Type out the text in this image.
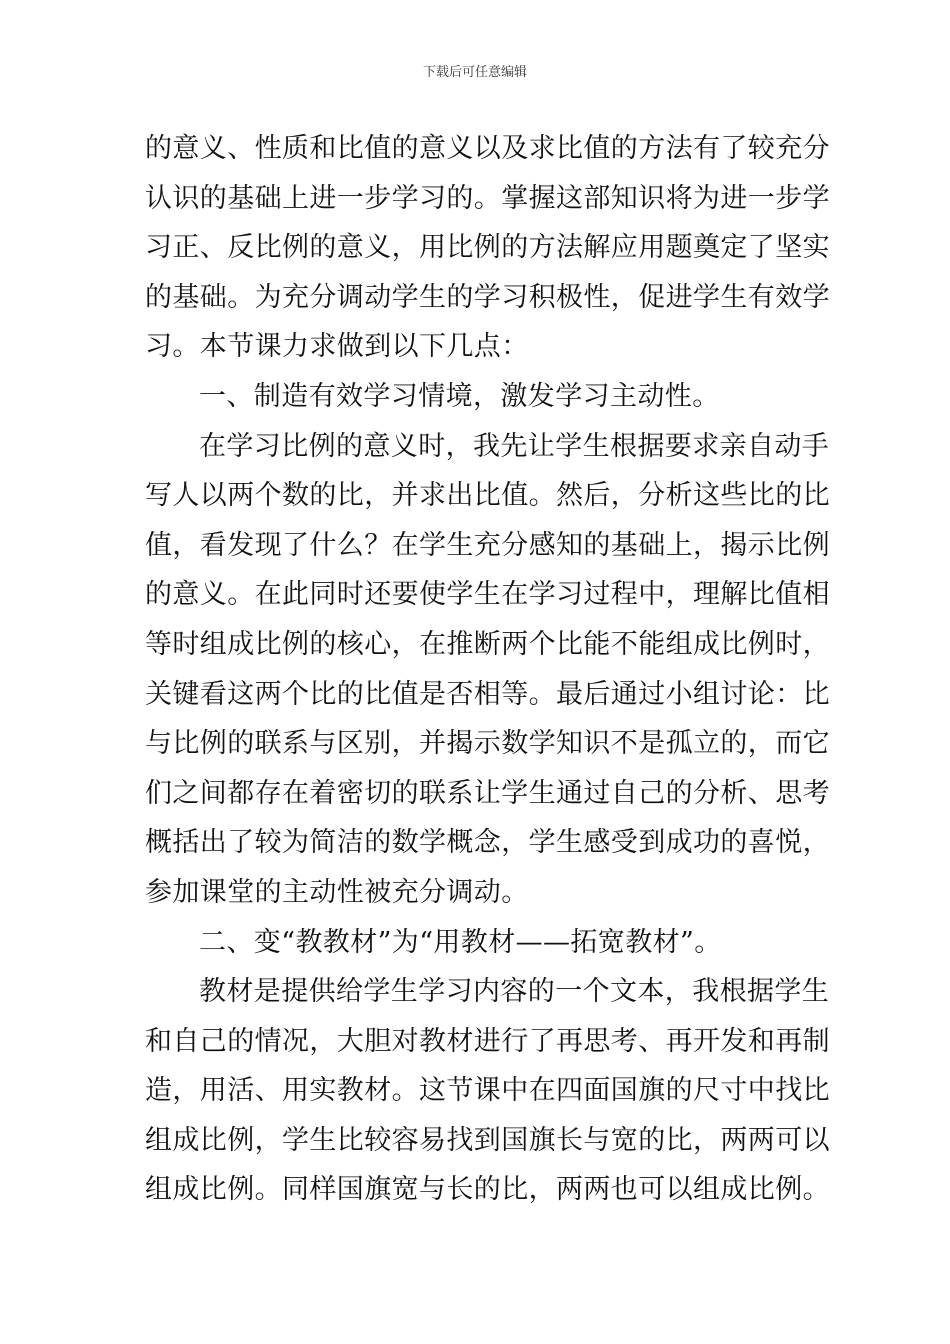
下载后可任意编辑
的意义、性质和比值的意义以及求比值的方法有了较充分
认识的基础上进一步学习的。掌握这部知识将为进一步学
习正、反比例的意义，用比例的方法解应用题奠定了坚实
的基础。为充分调动学生的学习积极性，促进学生有效学
习。本节课力求做到以下几点：
一、制造有效学习情境，激发学习主动性。
在学习比例的意义时，我先让学生根据要求亲自动手
写人以两个数的比，并求出比值。然后，分析这些比的比
值，看发现了什么？在学生充分感知的基础上，揭示比例
的意义。在此同时还要使学生在学习过程中，理解比值相
等时组成比例的核心，在推断两个比能不能组成比例时，
关键看这两个比的比值是否相等。最后通过小组讨论：比
与比例的联系与区别，并揭示数学知识不是孤立的，而它
们之间都存在着密切的联系让学生通过自己的分析、思考
概括出了较为简洁的数学概念，学生感受到成功的喜悦，
参加课堂的主动性被充分调动。
二、变“教教材”为“用教材——拓宽教材”。
教材是提供给学生学习内容的一个文本，我根据学生
和自己的情况，大胆对教材进行了再思考、再开发和再制
造，用活、用实教材。这节课中在四面国旗的尺寸中找比
组成比例，学生比较容易找到国旗长与宽的比，两两可以
组成比例。同样国旗宽与长的比，两两也可以组成比例。
